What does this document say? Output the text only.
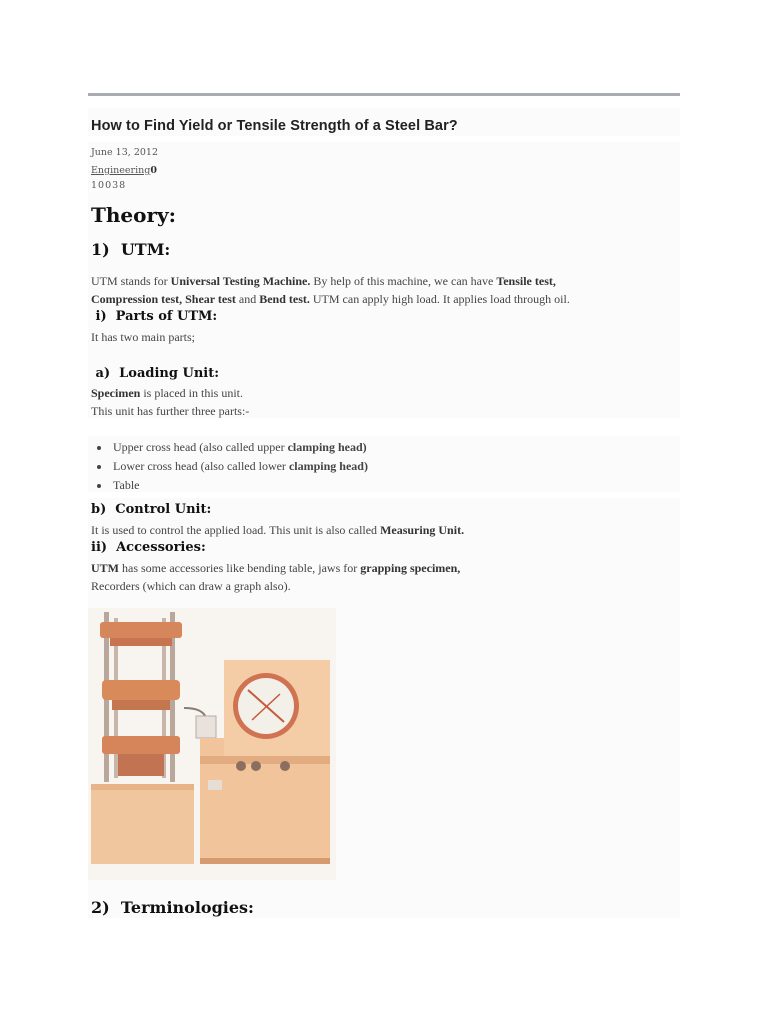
How to Find Yield or Tensile Strength of a Steel Bar?
June 13, 2012
Engineering0
10038
Theory:
1)  UTM:
UTM stands for Universal Testing Machine. By help of this machine, we can have Tensile test,
Compression test, Shear test and Bend test. UTM can apply high load. It applies load through oil.
i)  Parts of UTM:
It has two main parts;
a)  Loading Unit:
Specimen is placed in this unit.
This unit has further three parts:-
• Upper cross head (also called upper clamping head)
• Lower cross head (also called lower clamping head)
• Table
b)  Control Unit:
It is used to control the applied load. This unit is also called Measuring Unit.
ii)  Accessories:
UTM has some accessories like bending table, jaws for grapping specimen,
Recorders (which can draw a graph also).
2)  Terminologies:
